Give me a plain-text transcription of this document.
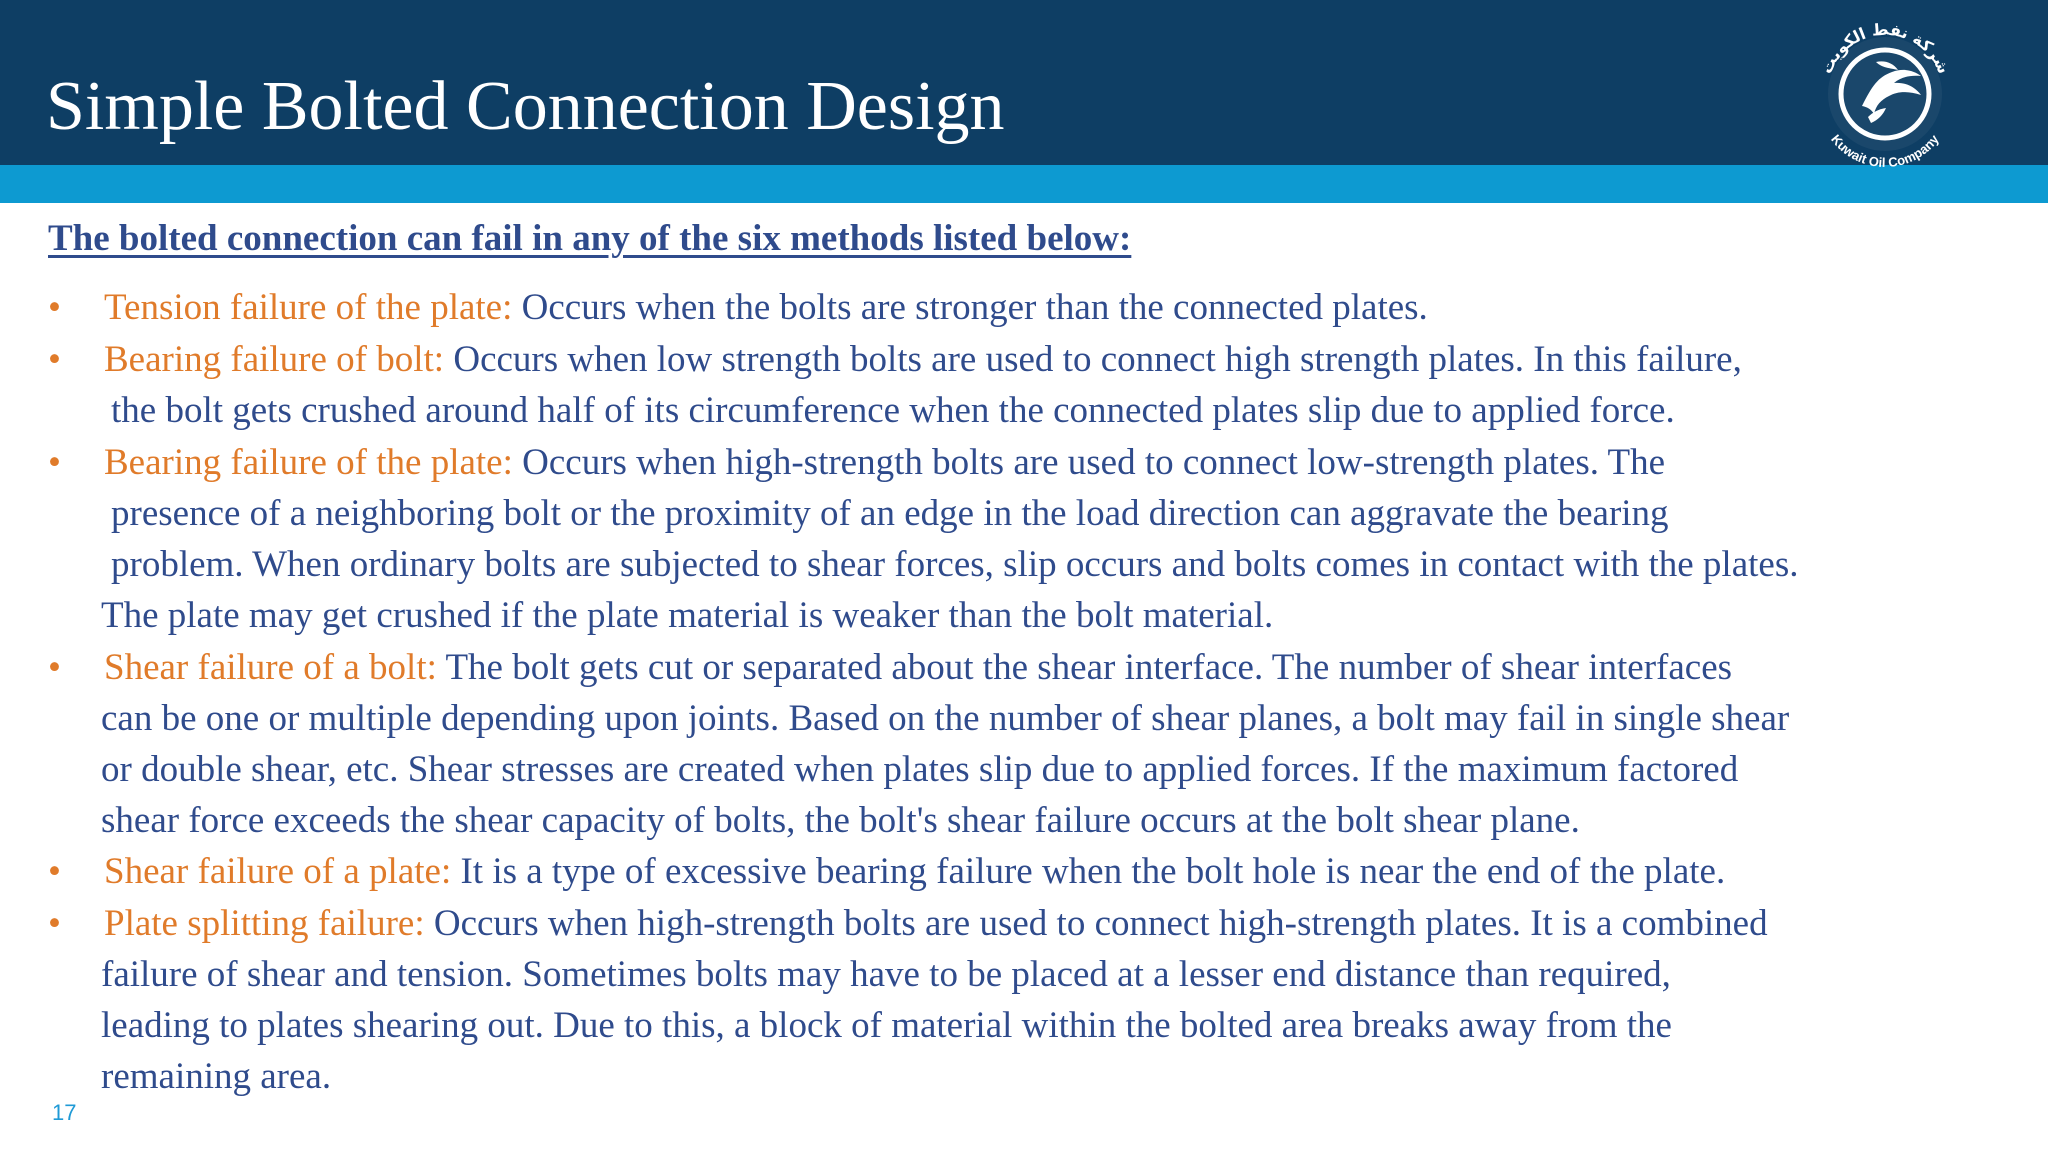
Simple Bolted Connection Design
شركة نفط الكويت
Kuwait Oil Company

The bolted connection can fail in any of the six methods listed below:

• Tension failure of the plate: Occurs when the bolts are stronger than the connected plates.
• Bearing failure of bolt: Occurs when low strength bolts are used to connect high strength plates. In this failure,
the bolt gets crushed around half of its circumference when the connected plates slip due to applied force.
• Bearing failure of the plate: Occurs when high-strength bolts are used to connect low-strength plates. The
presence of a neighboring bolt or the proximity of an edge in the load direction can aggravate the bearing
problem. When ordinary bolts are subjected to shear forces, slip occurs and bolts comes in contact with the plates.
The plate may get crushed if the plate material is weaker than the bolt material.
• Shear failure of a bolt: The bolt gets cut or separated about the shear interface. The number of shear interfaces
can be one or multiple depending upon joints. Based on the number of shear planes, a bolt may fail in single shear
or double shear, etc. Shear stresses are created when plates slip due to applied forces. If the maximum factored
shear force exceeds the shear capacity of bolts, the bolt's shear failure occurs at the bolt shear plane.
• Shear failure of a plate: It is a type of excessive bearing failure when the bolt hole is near the end of the plate.
• Plate splitting failure: Occurs when high-strength bolts are used to connect high-strength plates. It is a combined
failure of shear and tension. Sometimes bolts may have to be placed at a lesser end distance than required,
leading to plates shearing out. Due to this, a block of material within the bolted area breaks away from the
remaining area.
17
